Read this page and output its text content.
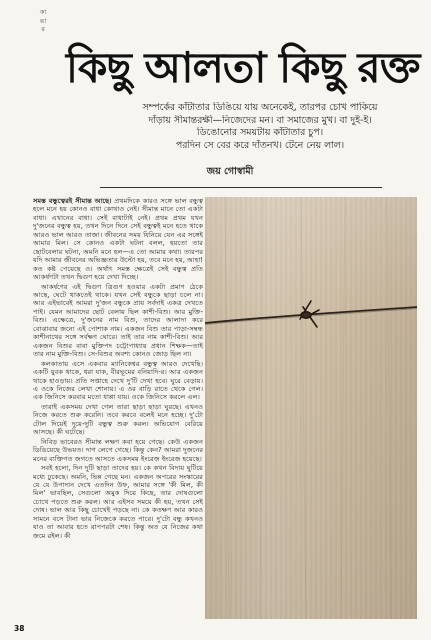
কা
ঙা
র
কিছু আলতা কিছু রক্ত
সম্পর্কের কাঁটাতার ডিঙিয়ে যায় অনেকেই, তারপর চোখ পাকিয়ে
দাঁড়ায় সীমান্তরক্ষী—নিজেদের মন। বা সমাজের মুখ। বা দুই-ই।
ডিঙোনোর সময়টায় কাঁটাতার চুপ।
পরদিন সে বের করে দাঁতনখ। টেনে নেয় লাল।
জয় গোস্বামী

সমস্ত বন্ধুত্বেরই সীমান্ত আছে। প্রথমদিকে কারও সঙ্গে ভাল বন্ধুত্ব হলে মনে হয় কোনও বাধা কোথাও নেই। সীমান্ত মানে তো একটা বাধা। এখানের বাধা। সেই বাধাটাই নেই। প্রথম প্রথম যখন দু'জনের বন্ধুত্ব হয়, তখন দিনে দিনে সেই বন্ধুত্বই মনে হতে থাকে আরও ভাল আরও তাজা। জীবনের সময় যিনিয়ে যেন এর সঙ্গেই আমার মিল। সে কোনও একটা ঘটনা বলল, হয়তো তার ছোটবেলার ঘটনা, অমনি মনে হল—এ তো আমার কথা। তারপর যদি আমার জীবনের অভিজ্ঞতার উল্টো হয়, তবে মনে হয়, আহা! কত কষ্ট পেয়েছে ও। অর্থাৎ সমস্ত ক্ষেত্রেই সেই বন্ধুত্ব প্রতি আকর্ষণটা তখন দ্বিগুণ হয়ে দেখা দিচ্ছে।

আকর্ষণের এই দ্বিগুণ ত্রিগুণ হওয়ার একটা প্রমাণ ঠেকে আছে, ঘেটে থাকতেই থাকে। যখন সেই বন্ধুকে ছাড়া চলে না। আর এইভাবেই আমরা দু'জন বন্ধুকে প্রায় সর্বদাই একত্র দেখতে পাই। যেমন আমাদের ছোট বেলায় ছিল কাশী-বিশু। আর মুক্তি-বিশু। এক্ষেত্রে, দু'জনের নাম বিশু, তাদের আলাদা করে বোঝাবার জন্যে এই পোশাক নাম। একজন বিশু তার পাড়া-সম্বন্ধ কাশীনাথের সঙ্গে সর্বক্ষণ ঘোরে। তাই তার নাম কাশী-বিশু। আর একজন বিশুর বাবা মুক্তিপদ চট্টোপাধ্যায় প্রধান শিক্ষক—তাই তার নাম মুক্তি-বিশু। সে-বিশুর অবশ্য কোনও জোড় ছিল না।

কলকাতায় এসে একবার ম্যানিকেশ্বর বন্ধুত্ব আরও দেখেছি। একটি যুবক থাকে, ধরা যাক, বীরভূমের বনিয়াদি-র। আর একজন থাকে হাওড়ায়। প্রতি সপ্তাহে দেখে দু'টি দেখা হবে। ঘুরে বেড়ায়। এ ওকে নিজের লেখা শোনায়। এ ওর বাড়ি রাতে থেকে গেল। এক জিনিসে করবার মতো ধাপ্পা যায়। ওকে জিনিসে করলে এল।

তারাই একসময় দেখা গেল তারা ছাড়া ছাড়া ঘুরছে। এখনও নিজে করতে শুরু করেনি। তবে করবে বলেই মনে হচ্ছে। দু'টো টোল দিয়েই দুয়ে-দুটি বন্ধুত্ব শুরু করল। অভিযোগ বেরিয়ে আসছে। কী ঘটেছে।

নিবিড় ভাবেরও সীমান্ত লক্ষণ কবা হয়ে গেছে। কেউ একজন ডিঙিয়েছে উভয়ত। দাগ লেগে গেছে। কিন্তু কেন? আমরা দুজনের মনের ব্যক্তিগত জগতে আসতে একসময় ইংরেজ ইংরেজ হয়েছে।

সবই হলো, দিন দুটি ছাড়া তাদের হয়। কে কখন বিদায় ঘুটিয়ে মধ্যে ঢুকেছে। অমনি, ভিন্ন গেছে মন। একজন অপরের সংস্কারের যে যে উপাদান দেখে এতদিন উফ, আমার সঙ্গে 'কী মিল, কী মিল' ভাবছিল, সেগুলো অমুক দিয়ে কিছে, তার দোষগুলো চোখে পড়তে শুরু করল। আর এইসব সময়ে কী হয়, তখন সেই দোষ। ভাল আর কিছু চোখেই পড়ছে না। কে কতক্ষণ আর কারও সামনে বসে টানা ভার নিজেকে করতে পারে। দু'টো বন্ধু কখনও যাও তা আবার হতে রাপপরটা শেষ। কিন্তু অত যে নিজের কথা জমে রইল। কী

38
